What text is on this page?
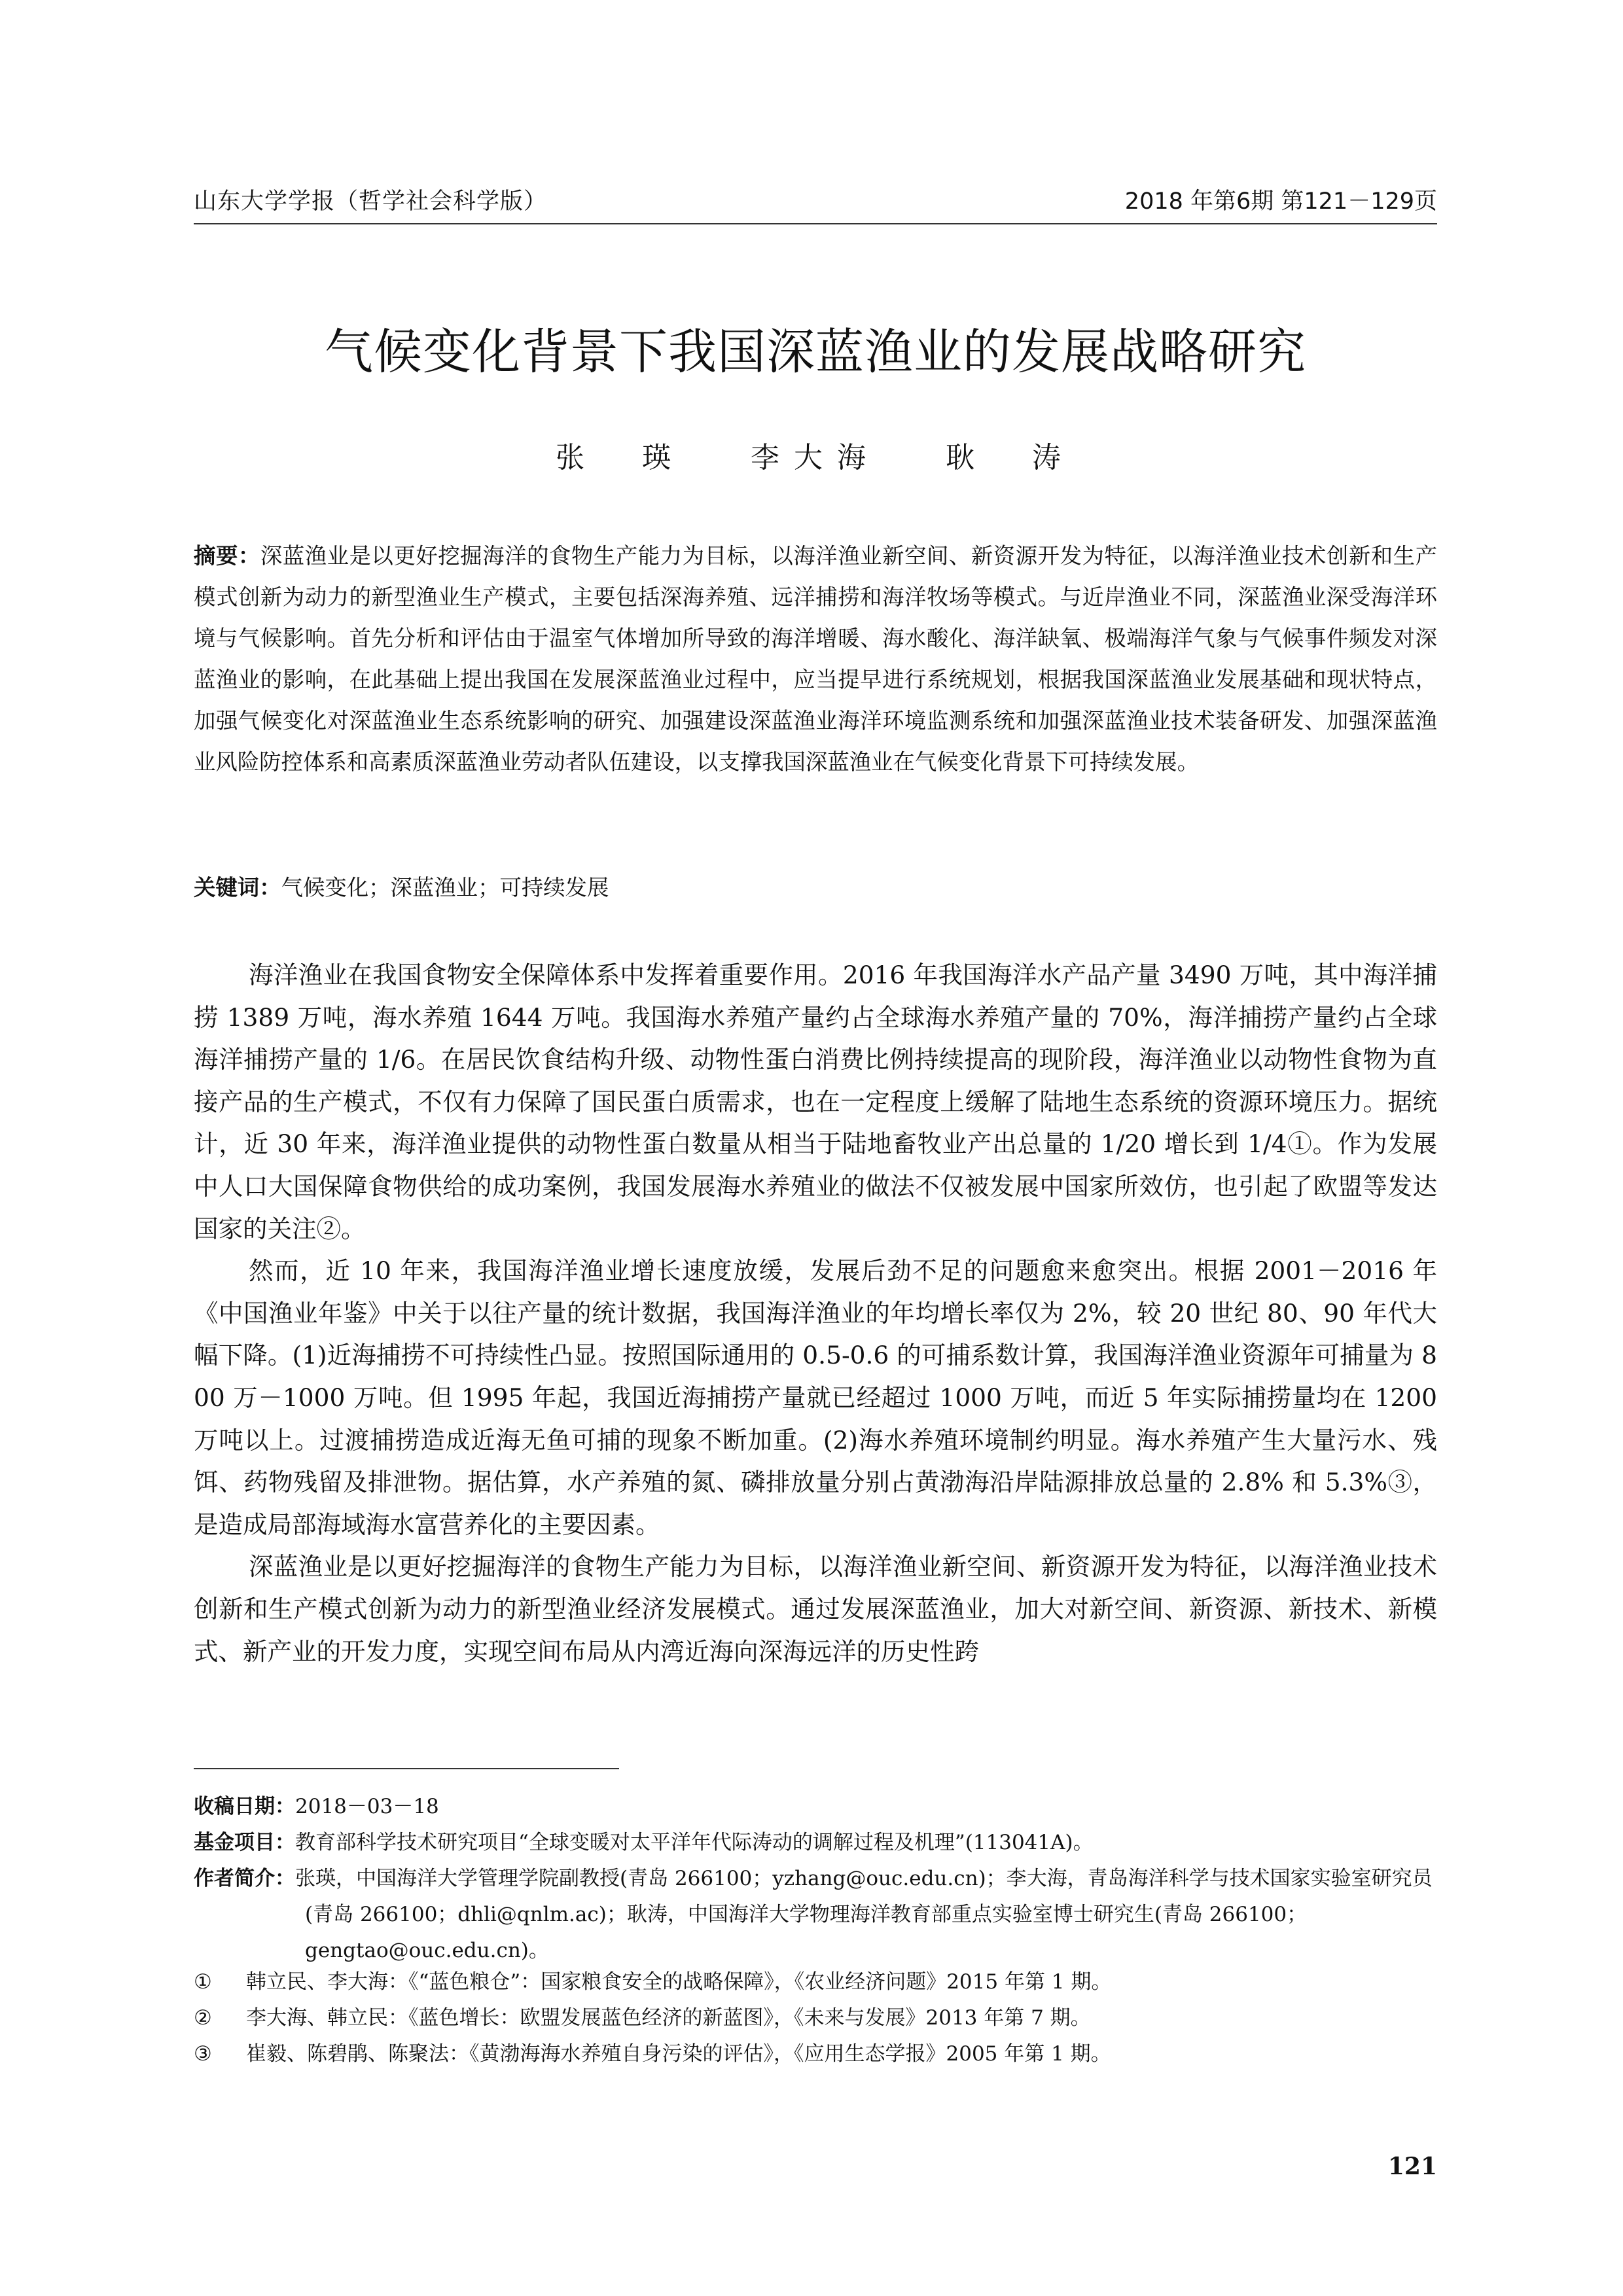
山东大学学报（哲学社会科学版）	2018 年第6期 第121－129页
气候变化背景下我国深蓝渔业的发展战略研究
张　瑛 李大海 耿　涛
摘要：深蓝渔业是以更好挖掘海洋的食物生产能力为目标，以海洋渔业新空间、新资源开发为特征，以海洋渔业技术创新和生产模式创新为动力的新型渔业生产模式，主要包括深海养殖、远洋捕捞和海洋牧场等模式。与近岸渔业不同，深蓝渔业深受海洋环境与气候影响。首先分析和评估由于温室气体增加所导致的海洋增暖、海水酸化、海洋缺氧、极端海洋气象与气候事件频发对深蓝渔业的影响，在此基础上提出我国在发展深蓝渔业过程中，应当提早进行系统规划，根据我国深蓝渔业发展基础和现状特点，加强气候变化对深蓝渔业生态系统影响的研究、加强建设深蓝渔业海洋环境监测系统和加强深蓝渔业技术装备研发、加强深蓝渔业风险防控体系和高素质深蓝渔业劳动者队伍建设，以支撑我国深蓝渔业在气候变化背景下可持续发展。
关键词：气候变化；深蓝渔业；可持续发展

海洋渔业在我国食物安全保障体系中发挥着重要作用。2016 年我国海洋水产品产量 3490 万吨，其中海洋捕捞 1389 万吨，海水养殖 1644 万吨。我国海水养殖产量约占全球海水养殖产量的 70%，海洋捕捞产量约占全球海洋捕捞产量的 1/6。在居民饮食结构升级、动物性蛋白消费比例持续提高的现阶段，海洋渔业以动物性食物为直接产品的生产模式，不仅有力保障了国民蛋白质需求，也在一定程度上缓解了陆地生态系统的资源环境压力。据统计，近 30 年来，海洋渔业提供的动物性蛋白数量从相当于陆地畜牧业产出总量的 1/20 增长到 1/4①。作为发展中人口大国保障食物供给的成功案例，我国发展海水养殖业的做法不仅被发展中国家所效仿，也引起了欧盟等发达国家的关注②。

然而，近 10 年来，我国海洋渔业增长速度放缓，发展后劲不足的问题愈来愈突出。根据 2001－2016 年《中国渔业年鉴》中关于以往产量的统计数据，我国海洋渔业的年均增长率仅为 2%，较 20 世纪 80、90 年代大幅下降。(1)近海捕捞不可持续性凸显。按照国际通用的 0.5-0.6 的可捕系数计算，我国海洋渔业资源年可捕量为 800 万－1000 万吨。但 1995 年起，我国近海捕捞产量就已经超过 1000 万吨，而近 5 年实际捕捞量均在 1200 万吨以上。过渡捕捞造成近海无鱼可捕的现象不断加重。(2)海水养殖环境制约明显。海水养殖产生大量污水、残饵、药物残留及排泄物。据估算，水产养殖的氮、磷排放量分别占黄渤海沿岸陆源排放总量的 2.8% 和 5.3%③，是造成局部海域海水富营养化的主要因素。

深蓝渔业是以更好挖掘海洋的食物生产能力为目标，以海洋渔业新空间、新资源开发为特征，以海洋渔业技术创新和生产模式创新为动力的新型渔业经济发展模式。通过发展深蓝渔业，加大对新空间、新资源、新技术、新模式、新产业的开发力度，实现空间布局从内湾近海向深海远洋的历史性跨

收稿日期：2018－03－18
基金项目：教育部科学技术研究项目“全球变暖对太平洋年代际涛动的调解过程及机理”(113041A)。
作者简介：张瑛，中国海洋大学管理学院副教授(青岛 266100；yzhang@ouc.edu.cn)；李大海，青岛海洋科学与技术国家实验室研究员(青岛 266100；dhli@qnlm.ac)；耿涛，中国海洋大学物理海洋教育部重点实验室博士研究生(青岛 266100；gengtao@ouc.edu.cn)。
① 韩立民、李大海：《“蓝色粮仓”：国家粮食安全的战略保障》，《农业经济问题》2015 年第 1 期。
② 李大海、韩立民：《蓝色增长：欧盟发展蓝色经济的新蓝图》，《未来与发展》2013 年第 7 期。
③ 崔毅、陈碧鹃、陈聚法：《黄渤海海水养殖自身污染的评估》，《应用生态学报》2005 年第 1 期。
121
